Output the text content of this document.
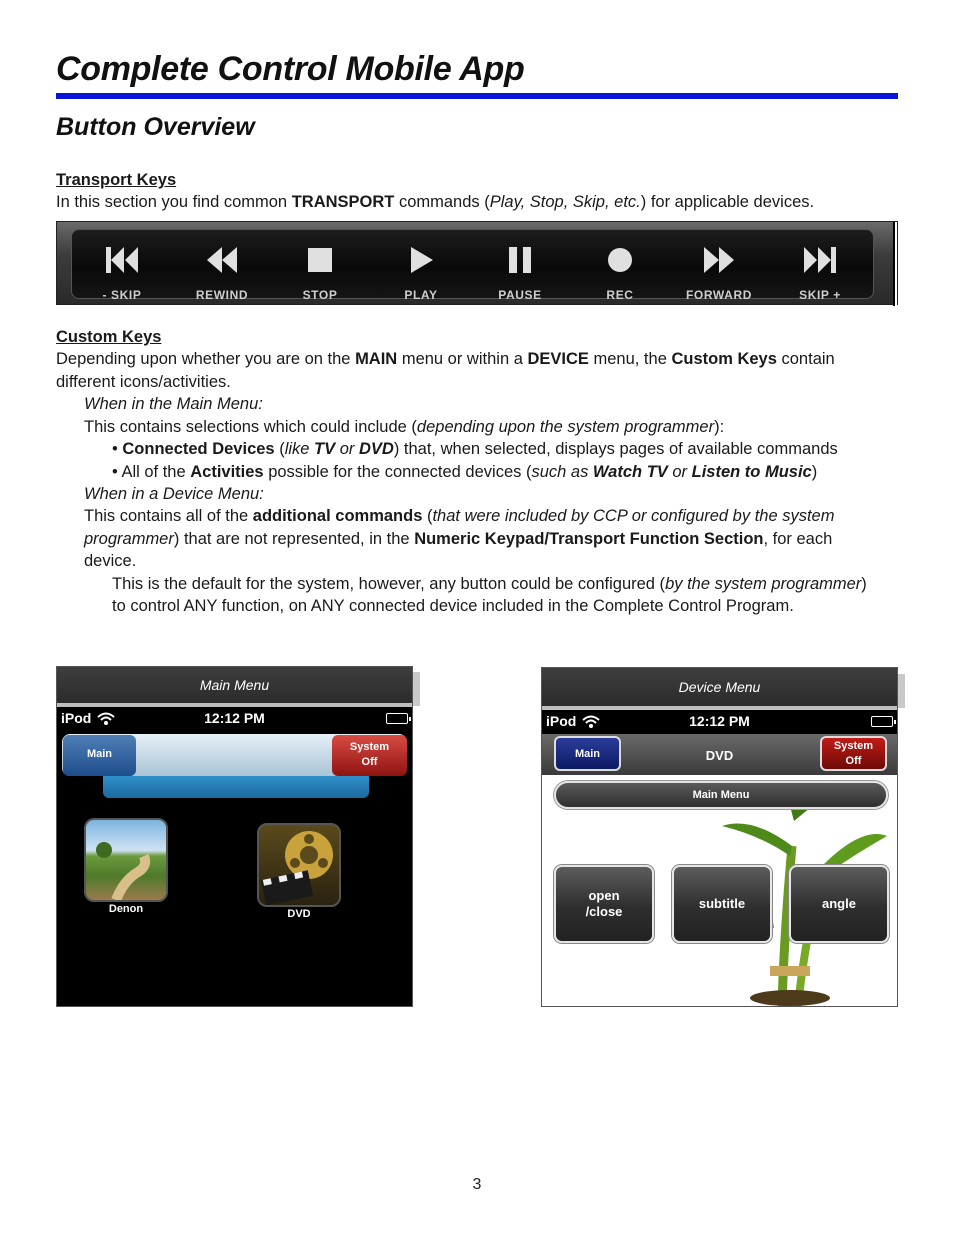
Complete Control Mobile App
Button Overview
Transport Keys
In this section you find common TRANSPORT commands (Play, Stop, Skip, etc.) for applicable devices.
- SKIP	REWIND	STOP	PLAY	PAUSE	REC	FORWARD	SKIP +
Custom Keys
Depending upon whether you are on the MAIN menu or within a DEVICE menu, the Custom Keys contain
different icons/activities.
When in the Main Menu:
This contains selections which could include (depending upon the system programmer):
• Connected Devices (like TV or DVD) that, when selected, displays pages of available commands
• All of the Activities possible for the connected devices (such as Watch TV or Listen to Music)
When in a Device Menu:
This contains all of the additional commands (that were included by CCP or configured by the system
programmer) that are not represented, in the Numeric Keypad/Transport Function Section, for each
device.
This is the default for the system, however, any button could be configured (by the system programmer)
to control ANY function, on ANY connected device included in the Complete Control Program.
Main Menu
iPod	12:12 PM
Main
System
Off
Denon	DVD
Device Menu
iPod	12:12 PM
Main	DVD
System
Off
Main Menu
open
/close
subtitle	angle
3
